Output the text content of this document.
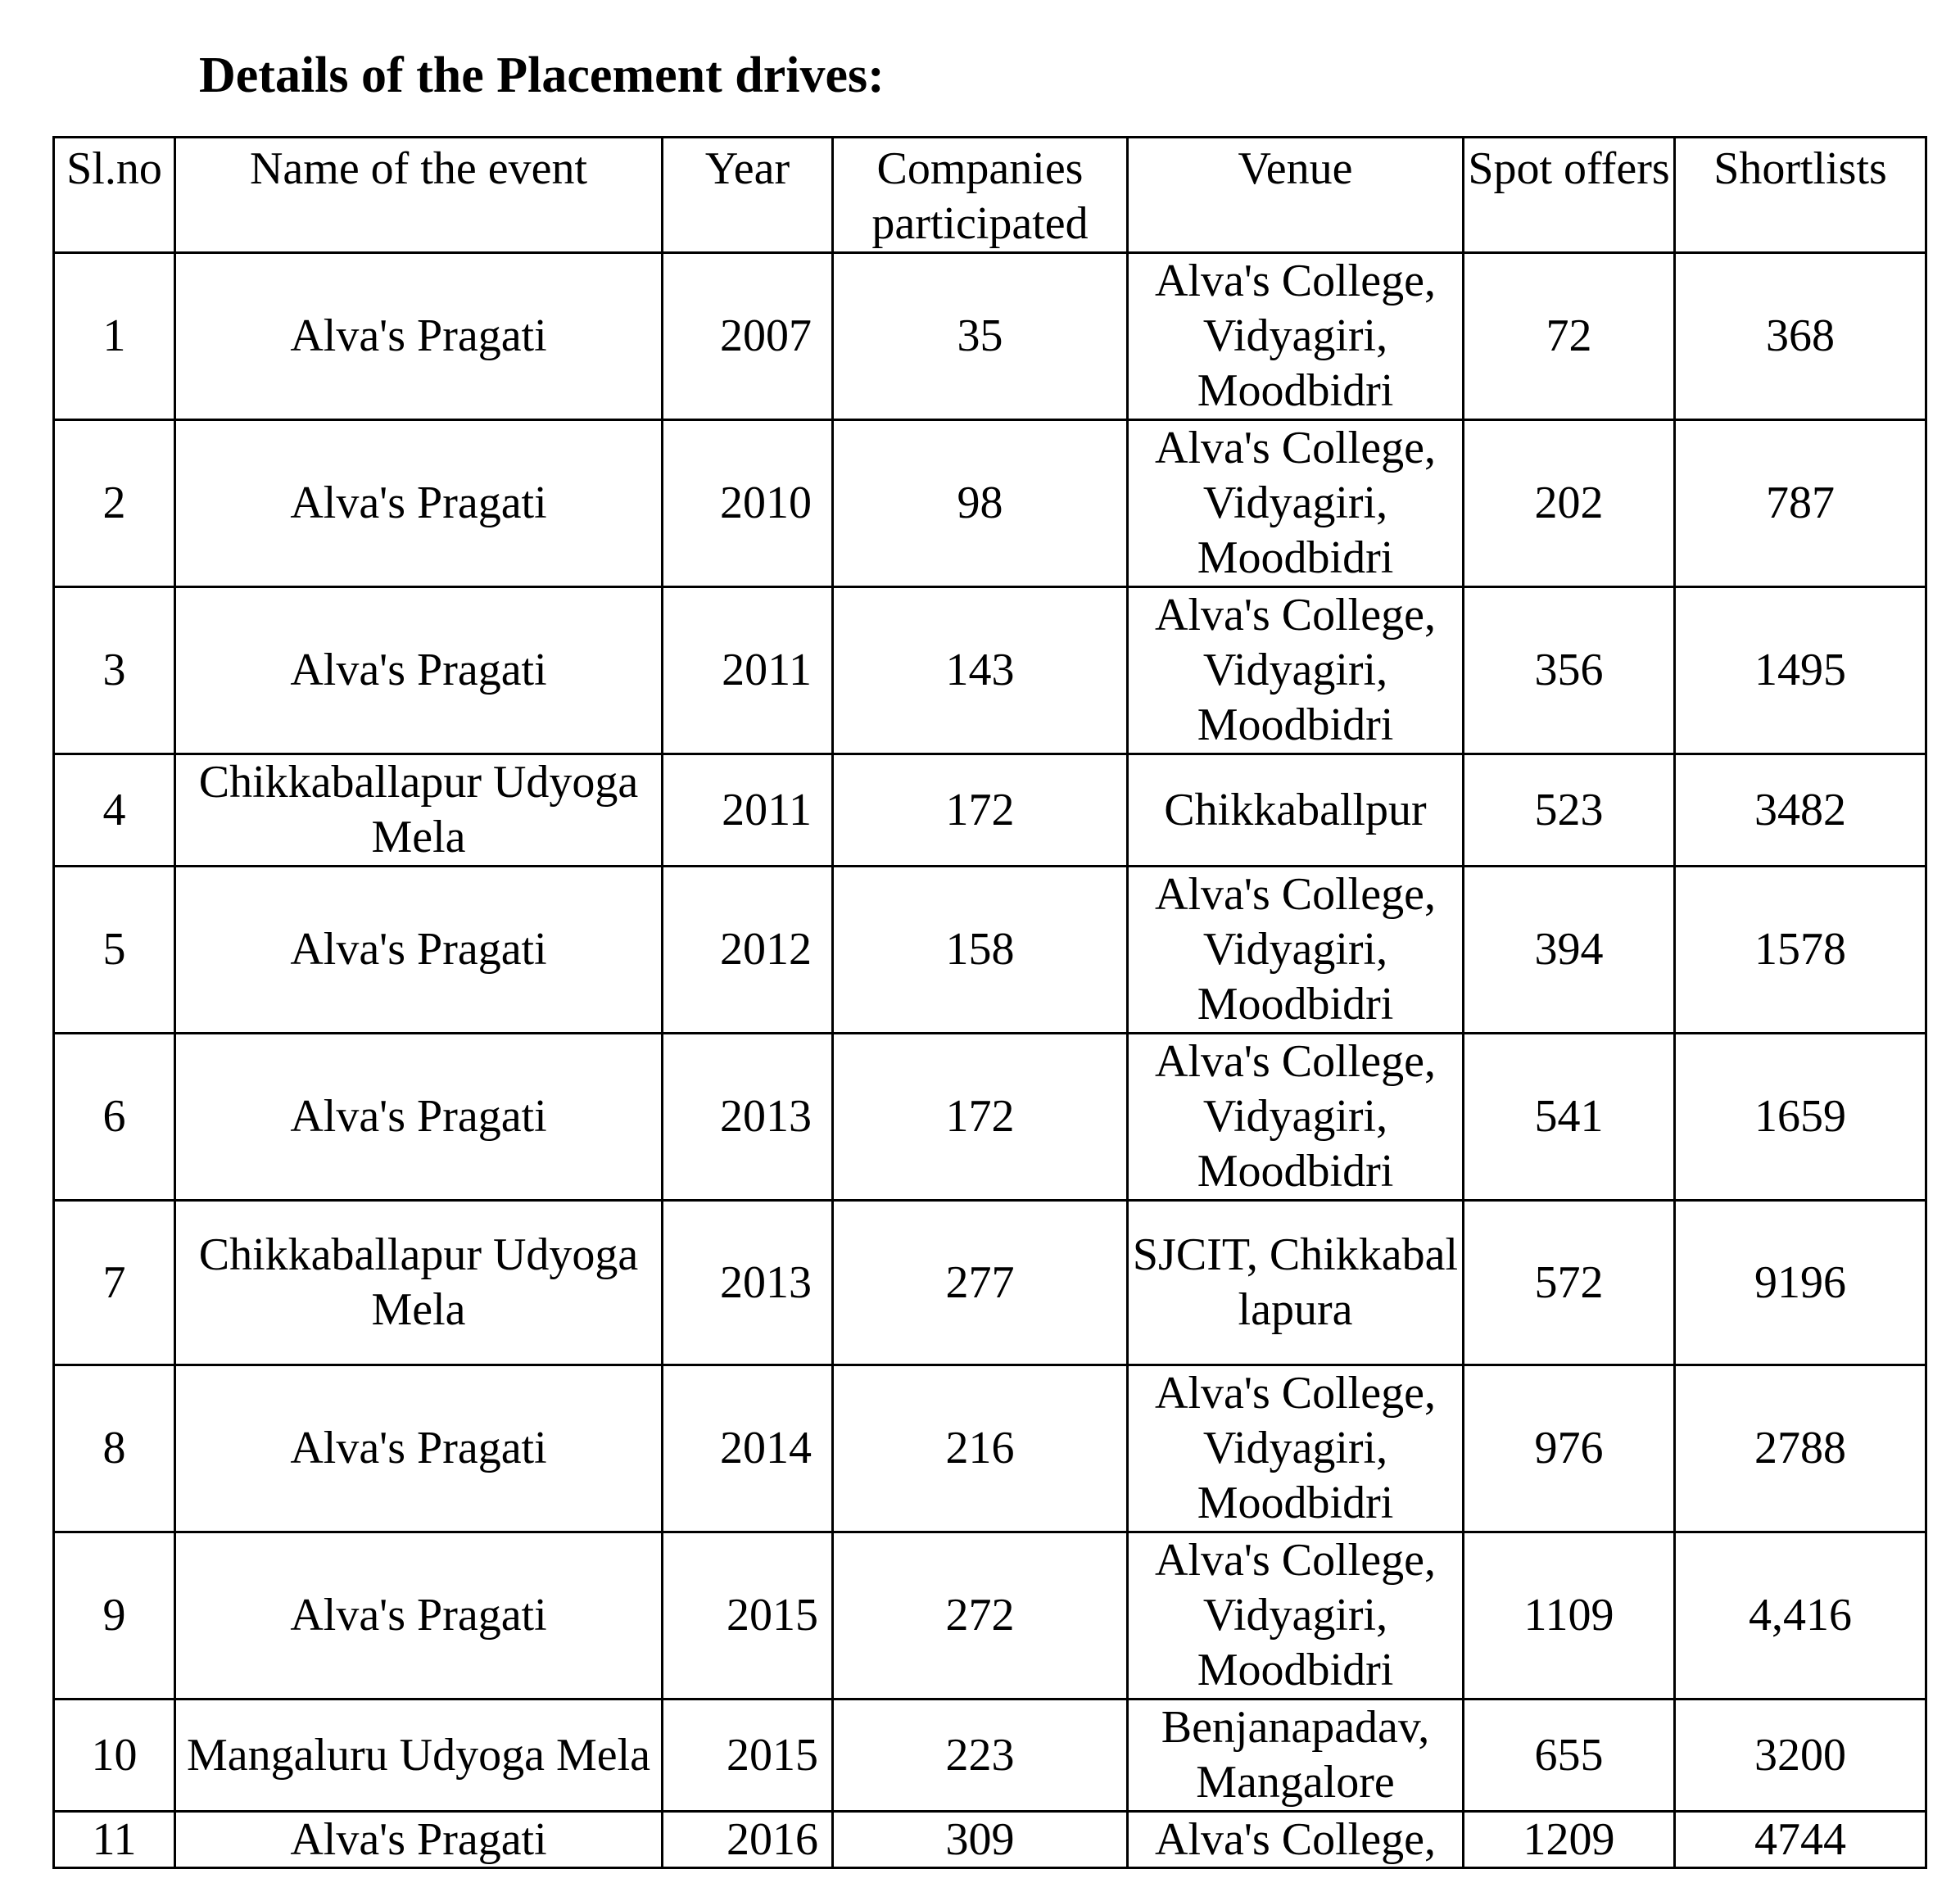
Details of the Placement drives:
Sl.no	Name of the event	Year	Companies participated	Venue	Spot offers	Shortlists
1	Alva's Pragati	2007	35	Alva's College, Vidyagiri, Moodbidri	72	368
2	Alva's Pragati	2010	98	Alva's College, Vidyagiri, Moodbidri	202	787
3	Alva's Pragati	2011	143	Alva's College, Vidyagiri, Moodbidri	356	1495
4	Chikkaballapur Udyoga Mela	2011	172	Chikkaballpur	523	3482
5	Alva's Pragati	2012	158	Alva's College, Vidyagiri, Moodbidri	394	1578
6	Alva's Pragati	2013	172	Alva's College, Vidyagiri, Moodbidri	541	1659
7	Chikkaballapur Udyoga Mela	2013	277	SJCIT, Chikkaballapura	572	9196
8	Alva's Pragati	2014	216	Alva's College, Vidyagiri, Moodbidri	976	2788
9	Alva's Pragati	2015	272	Alva's College, Vidyagiri, Moodbidri	1109	4,416
10	Mangaluru Udyoga Mela	2015	223	Benjanapadav, Mangalore	655	3200
11	Alva's Pragati	2016	309	Alva's College,	1209	4744
